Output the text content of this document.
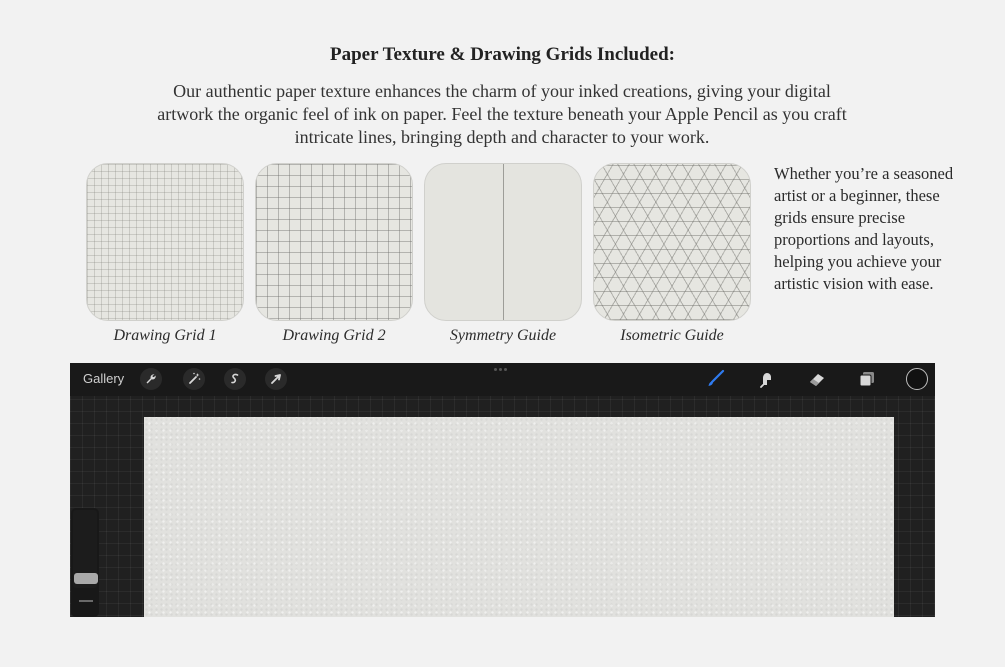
Paper Texture & Drawing Grids Included:

Our authentic paper texture enhances the charm of your inked creations, giving your digital artwork the organic feel of ink on paper. Feel the texture beneath your Apple Pencil as you craft intricate lines, bringing depth and character to your work.

Drawing Grid 1	Drawing Grid 2	Symmetry Guide	Isometric Guide

Whether you’re a seasoned artist or a beginner, these grids ensure precise proportions and layouts, helping you achieve your artistic vision with ease.

Gallery
